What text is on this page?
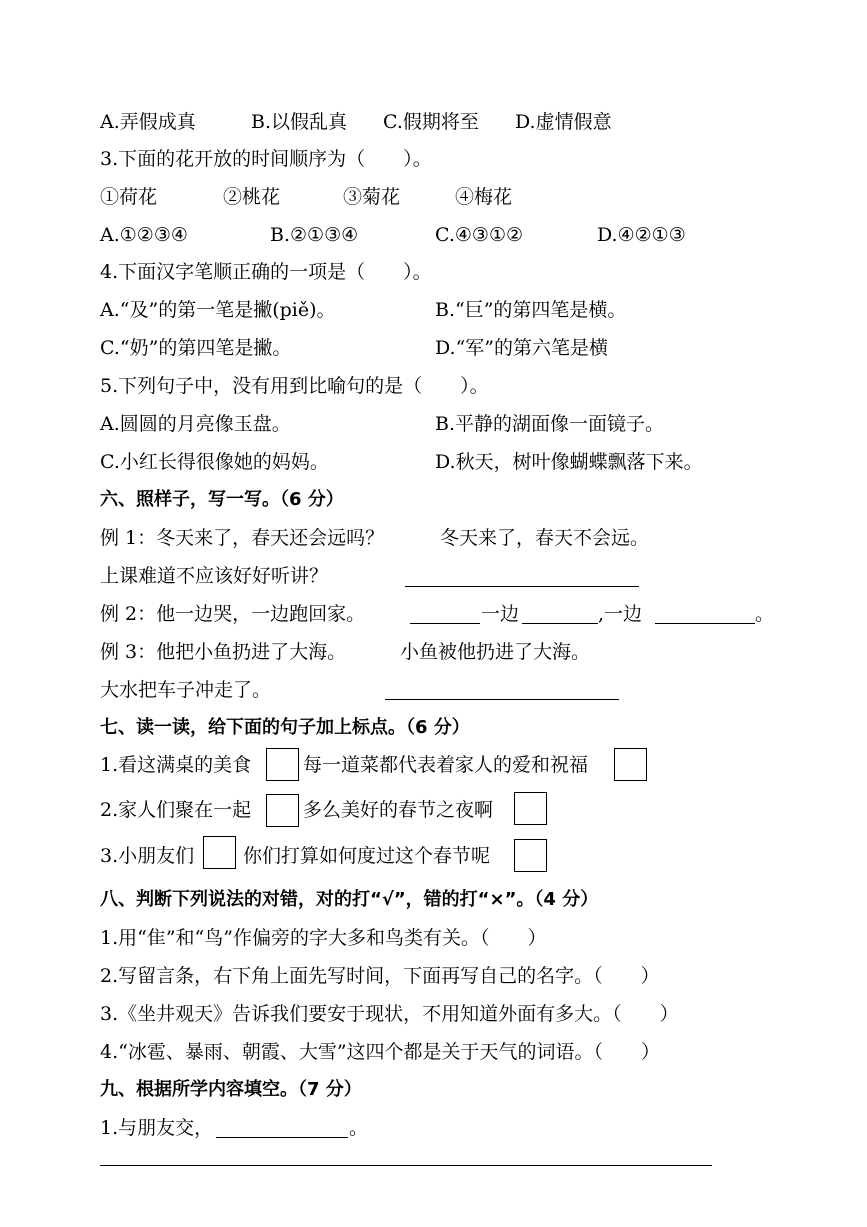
A.弄假成真	B.以假乱真 C.假期将至 D.虚情假意
3.下面的花开放的时间顺序为（　　）。
①荷花	②桃花	③菊花	④梅花
A.①②③④	B.②①③④	C.④③①②	D.④②①③
4.下面汉字笔顺正确的一项是（　　）。
A.“及”的第一笔是撇(piě)。	B.“巨”的第四笔是横。
C.“奶”的第四笔是撇。	D.“军”的第六笔是横
5.下列句子中，没有用到比喻句的是（　　）。
A.圆圆的月亮像玉盘。	B.平静的湖面像一面镜子。
C.小红长得很像她的妈妈。	D.秋天，树叶像蝴蝶飘落下来。
六、照样子，写一写。（6 分）
例 1：冬天来了，春天还会远吗？	冬天来了，春天不会远。
上课难道不应该好好听讲？
例 2：他一边哭，一边跑回家。	一边	,一边	。
例 3：他把小鱼扔进了大海。	小鱼被他扔进了大海。
大水把车子冲走了。
七、读一读，给下面的句子加上标点。（6 分）
1.看这满桌的美食	每一道菜都代表着家人的爱和祝福
2.家人们聚在一起	多么美好的春节之夜啊
3.小朋友们	你们打算如何度过这个春节呢
八、判断下列说法的对错，对的打“√”，错的打“×”。（4 分）
1.用“隹”和“鸟”作偏旁的字大多和鸟类有关。（　　）
2.写留言条，右下角上面先写时间，下面再写自己的名字。（　　）
3.《坐井观天》告诉我们要安于现状，不用知道外面有多大。（　　）
4.“冰雹、暴雨、朝霞、大雪”这四个都是关于天气的词语。（　　）
九、根据所学内容填空。（7 分）
1.与朋友交，	。
